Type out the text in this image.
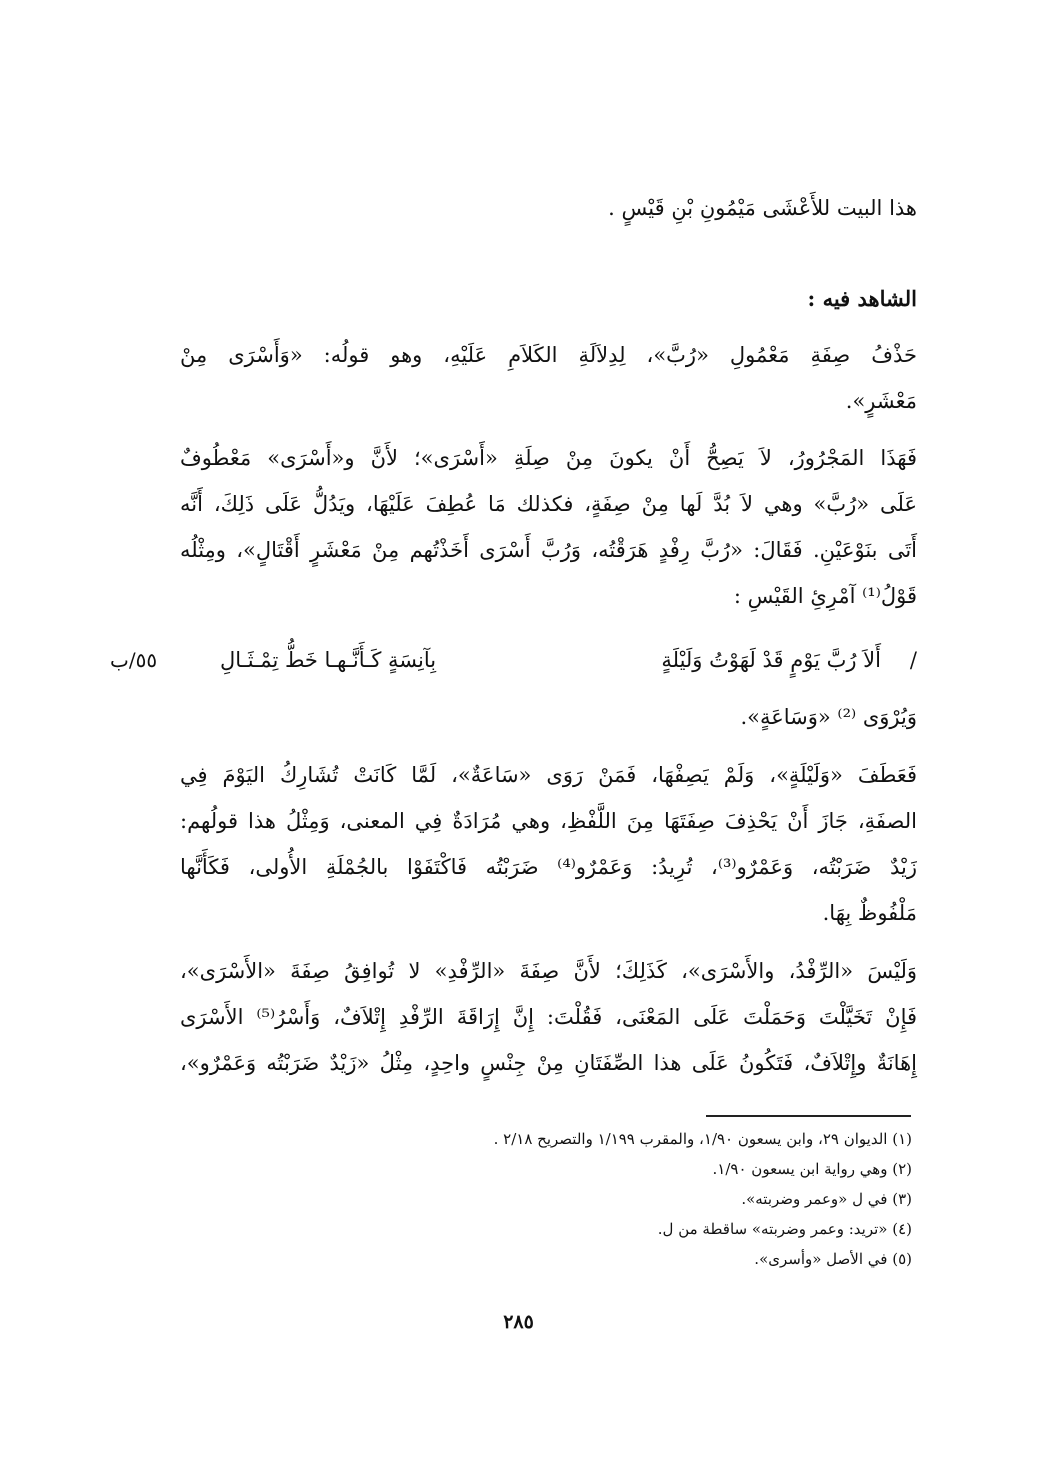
هذا البيت للأَعْشَى مَيْمُونِ بْنِ قَيْسٍ .
الشاهد فيه :
حَذْفُ صِفَةِ مَعْمُولِ «رُبَّ»، لِدِلاَلَةِ الكَلاَمِ عَلَيْهِ، وهو قولُه: «وَأَسْرَى مِنْ
مَعْشَرٍ».
فَهَذَا المَجْرُورُ، لاَ يَصِحُّ أَنْ يكونَ مِنْ صِلَةِ «أَسْرَى»؛ لأَنَّ و«أَسْرَى» مَعْطُوفٌ
عَلَى «رُبَّ» وهي لاَ بُدَّ لَها مِنْ صِفَةٍ، فكذلك مَا عُطِفَ عَلَيْهَا، ويَدُلُّ عَلَى ذَلِكَ، أَنَّه
أَتَى بنَوْعَيْنِ. فَقَالَ: «رُبَّ رِفْدٍ هَرَقْتُه، وَرُبَّ أَسْرَى أَخَذْتُهم مِنْ مَعْشَرٍ أَقْتَالٍ»، ومِثْلُه
قَوْلُ⁽¹⁾ آمْرِئِ القَيْسِ :
/
أَلاَ رُبَّ يَوْمٍ قَدْ لَهَوْتُ وَلَيْلَةٍ
بِآنِسَةٍ كَـأَنَّـهـا خَطُّ تِمْـثَـالِ
٥٥/ب
وَيُرْوَى ⁽²⁾ «وَسَاعَةٍ».
فَعَطَفَ «وَلَيْلَةٍ»، وَلَمْ يَصِفْهَا، فَمَنْ رَوَى «سَاعَةٌ»، لَمَّا كَانَتْ تُشَارِكُ اليَوْمَ فِي
الصفَةِ، جَازَ أَنْ يَحْذِفَ صِفَتَهَا مِنَ اللَّفْظِ، وهي مُرَادَةٌ فِي المعنى، وَمِثْلُ هذا قولُهم:
زَيْدٌ ضَرَبْتُه، وَعَمْرٌو⁽³⁾، تُرِيدُ: وَعَمْرٌو⁽⁴⁾ ضَرَبْتُه فَاكْتَفَوْا بالجُمْلَةِ الأُولى، فَكَأَنَّها
مَلْفُوظٌ بِهَا.
وَلَيْسَ «الرِّفْدُ، والأَسْرَى»، كَذَلِكَ؛ لأَنَّ صِفَةَ «الرِّفْدِ» لا تُوافِقُ صِفَةَ «الأَسْرَى»،
فَإِنْ تَخَيَّلْتَ وَحَمَلْتَ عَلَى المَعْنَى، فَقُلْتَ: إِنَّ إِرَاقَةَ الرِّفْدِ إِتْلاَفٌ، وَأَسْرُ⁽⁵⁾ الأَسْرَى
إِهَانَةٌ وإِتْلاَفٌ، فَتَكُونُ عَلَى هذا الصِّفَتَانِ مِنْ جِنْسٍ واحِدٍ، مِثْلُ «زَيْدٌ ضَرَبْتُه وَعَمْرٌو»،
(١) الديوان ٢٩، وابن يسعون ١/٩٠، والمقرب ١/١٩٩ والتصريح ٢/١٨ .
(٢) وهي رواية ابن يسعون ١/٩٠.
(٣) في ل «وعمر وضربته».
(٤) «تريد: وعمر وضربته» ساقطة من ل.
(٥) في الأصل «وأسرى».
٢٨٥
